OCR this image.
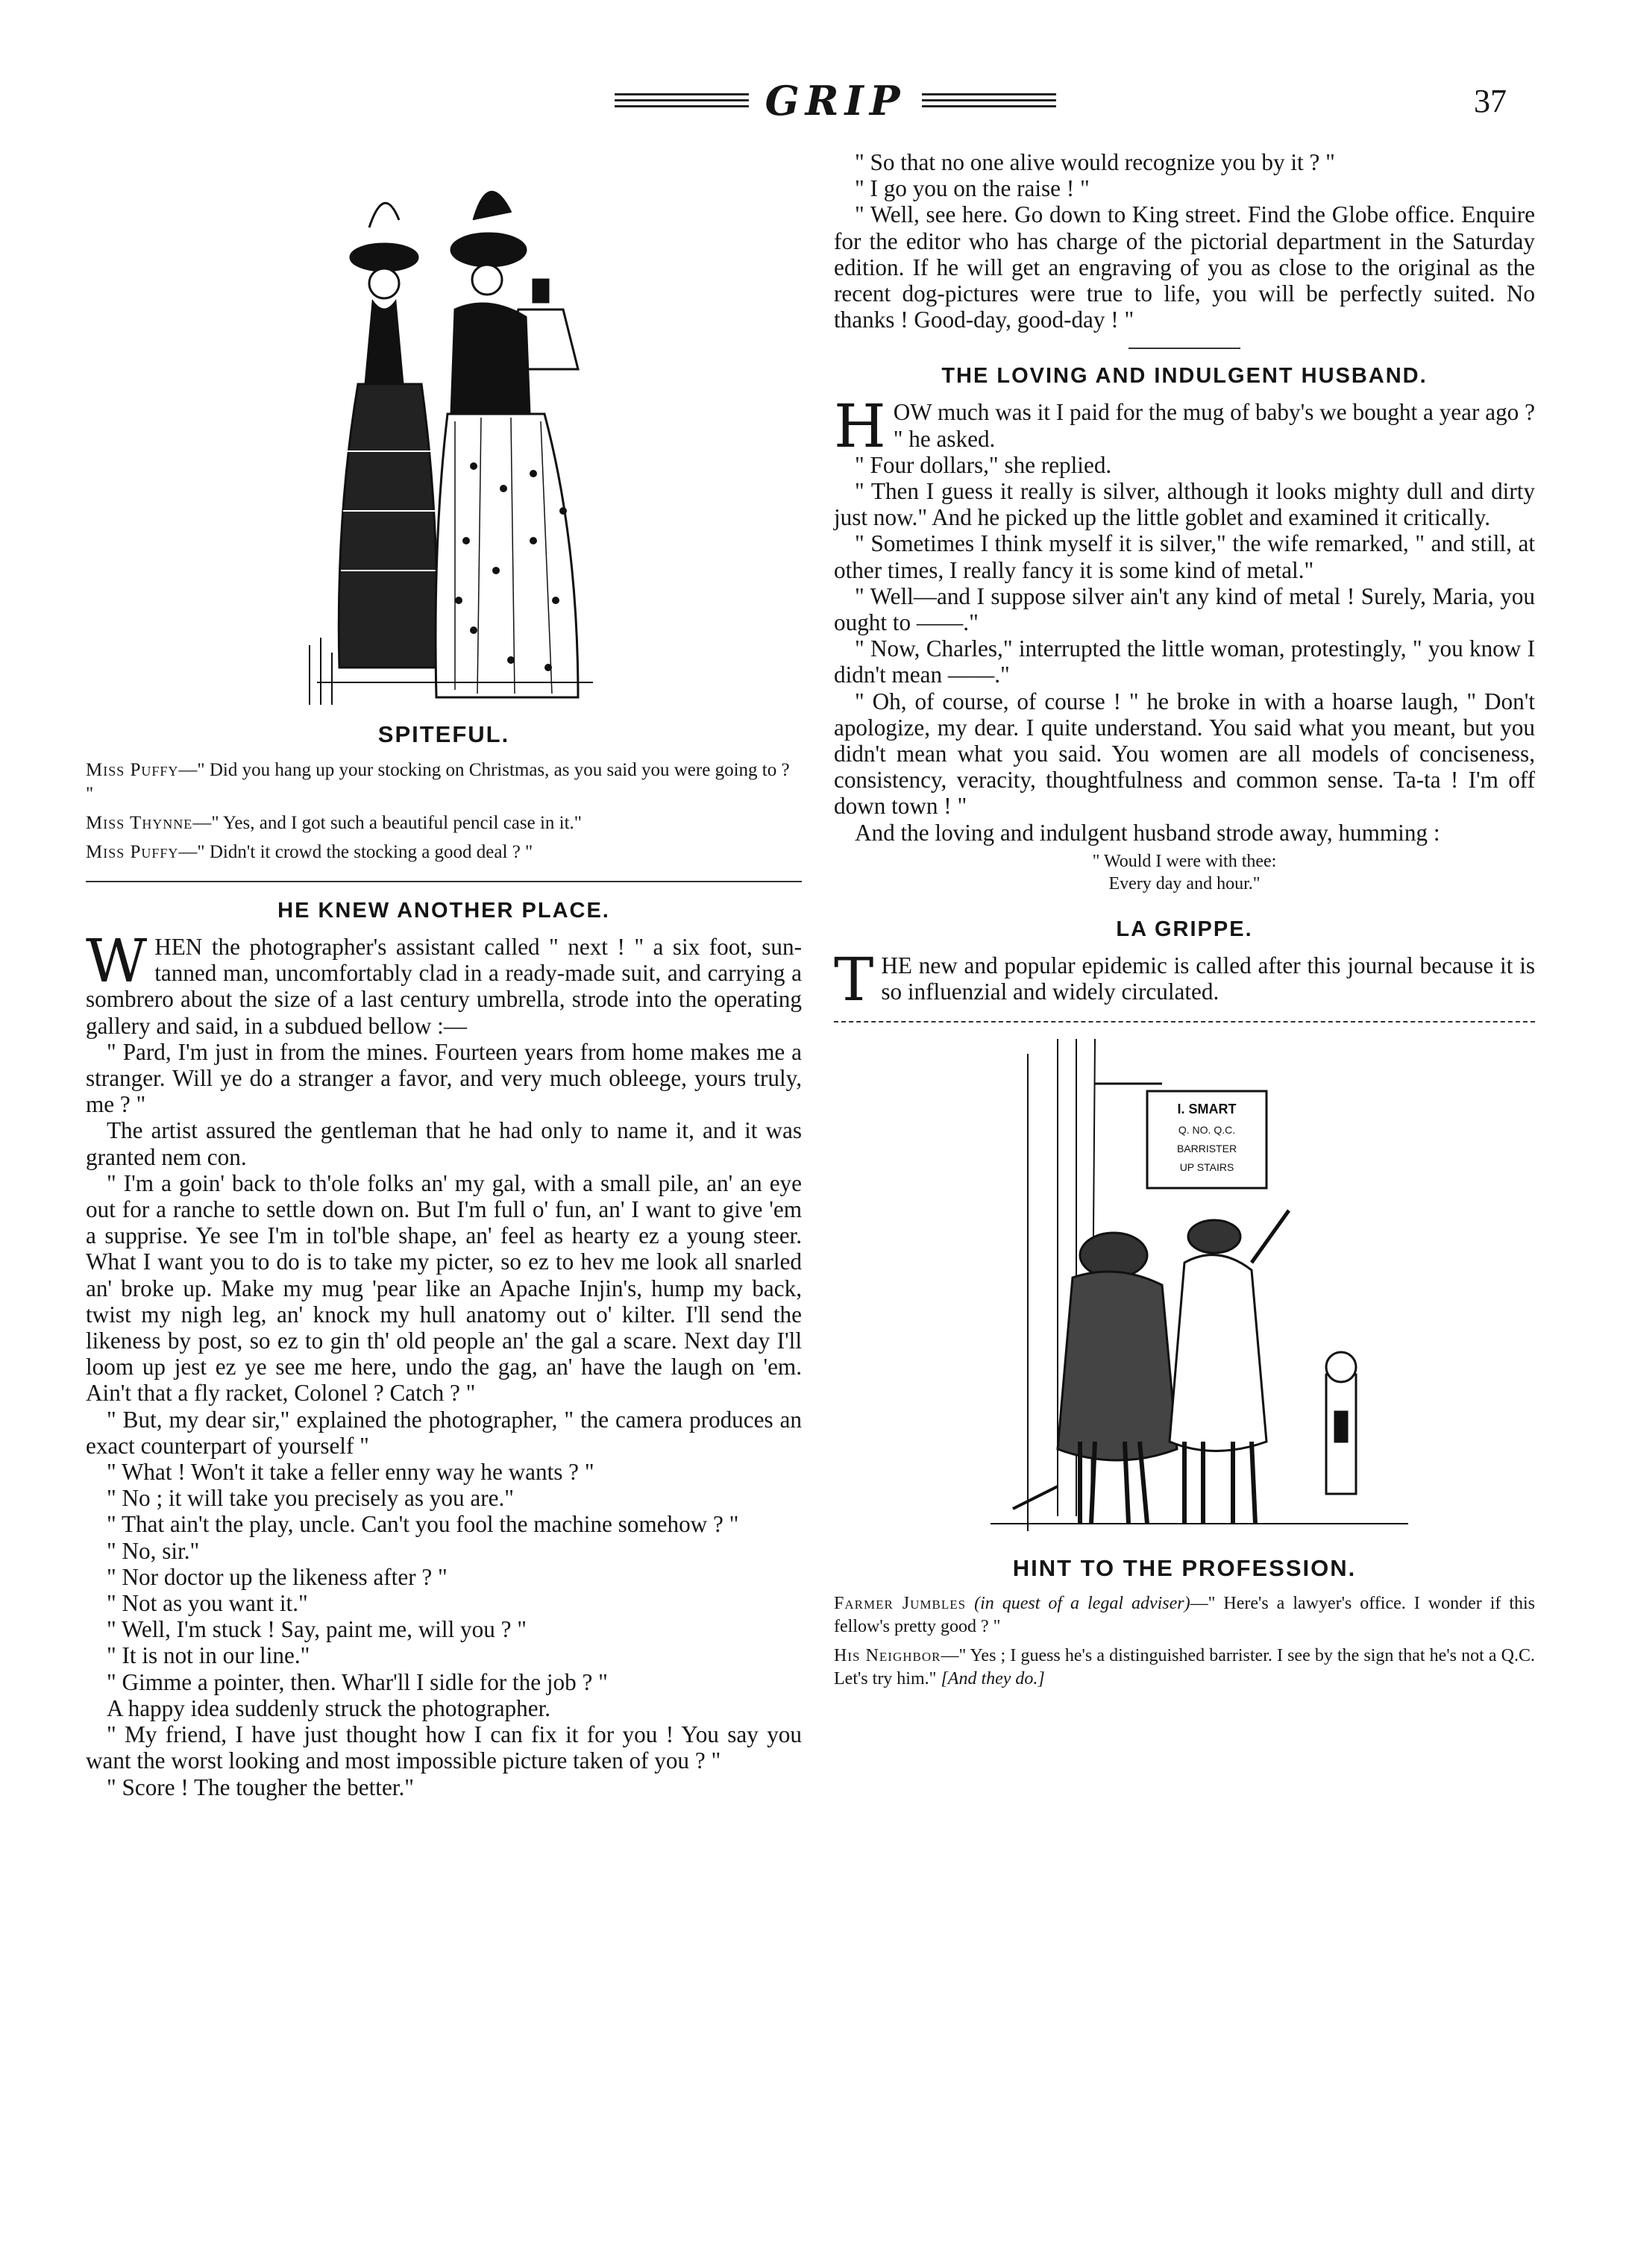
GRIP	37
SPITEFUL.

Miss Puffy—" Did you hang up your stocking on Christmas, as you said you were going to ? "

Miss Thynne—" Yes, and I got such a beautiful pencil case in it."

Miss Puffy—" Didn't it crowd the stocking a good deal ? "

HE KNEW ANOTHER PLACE.

WHEN the photographer's assistant called " next ! " a six foot, sun-tanned man, uncomfortably clad in a ready-made suit, and carrying a sombrero about the size of a last century umbrella, strode into the operating gallery and said, in a subdued bellow :—

" Pard, I'm just in from the mines. Fourteen years from home makes me a stranger. Will ye do a stranger a favor, and very much obleege, yours truly, me ? "

The artist assured the gentleman that he had only to name it, and it was granted nem con.

" I'm a goin' back to th'ole folks an' my gal, with a small pile, an' an eye out for a ranche to settle down on. But I'm full o' fun, an' I want to give 'em a supprise. Ye see I'm in tol'ble shape, an' feel as hearty ez a young steer. What I want you to do is to take my picter, so ez to hev me look all snarled an' broke up. Make my mug 'pear like an Apache Injin's, hump my back, twist my nigh leg, an' knock my hull anatomy out o' kilter. I'll send the likeness by post, so ez to gin th' old people an' the gal a scare. Next day I'll loom up jest ez ye see me here, undo the gag, an' have the laugh on 'em. Ain't that a fly racket, Colonel ? Catch ? "

" But, my dear sir," explained the photographer, " the camera produces an exact counterpart of yourself "

" What ! Won't it take a feller enny way he wants ? "

" No ; it will take you precisely as you are."

" That ain't the play, uncle. Can't you fool the machine somehow ? "

" No, sir."

" Nor doctor up the likeness after ? "

" Not as you want it."

" Well, I'm stuck ! Say, paint me, will you ? "

" It is not in our line."

" Gimme a pointer, then. Whar'll I sidle for the job ? "

A happy idea suddenly struck the photographer.

" My friend, I have just thought how I can fix it for you ! You say you want the worst looking and most impossible picture taken of you ? "

" Score ! The tougher the better."

" So that no one alive would recognize you by it ? "

" I go you on the raise ! "

" Well, see here. Go down to King street. Find the Globe office. Enquire for the editor who has charge of the pictorial department in the Saturday edition. If he will get an engraving of you as close to the original as the recent dog-pictures were true to life, you will be perfectly suited. No thanks ! Good-day, good-day ! "

THE LOVING AND INDULGENT HUSBAND.

HOW much was it I paid for the mug of baby's we bought a year ago ? " he asked.

" Four dollars," she replied.

" Then I guess it really is silver, although it looks mighty dull and dirty just now." And he picked up the little goblet and examined it critically.

" Sometimes I think myself it is silver," the wife remarked, " and still, at other times, I really fancy it is some kind of metal."

" Well—and I suppose silver ain't any kind of metal ! Surely, Maria, you ought to ——."

" Now, Charles," interrupted the little woman, protestingly, " you know I didn't mean ——."

" Oh, of course, of course ! " he broke in with a hoarse laugh, " Don't apologize, my dear. I quite understand. You said what you meant, but you didn't mean what you said. You women are all models of conciseness, consistency, veracity, thoughtfulness and common sense. Ta-ta ! I'm off down town ! "

And the loving and indulgent husband strode away, humming :

" Would I were with thee:
Every day and hour."
LA GRIPPE.

THE new and popular epidemic is called after this journal because it is so influenzial and widely circulated.

I. SMART
Q. NO. Q.C.
BARRISTER
UP STAIRS
HINT TO THE PROFESSION.

Farmer Jumbles (in quest of a legal adviser)—" Here's a lawyer's office. I wonder if this fellow's pretty good ? "

His Neighbor—" Yes ; I guess he's a distinguished barrister. I see by the sign that he's not a Q.C. Let's try him." [And they do.]
